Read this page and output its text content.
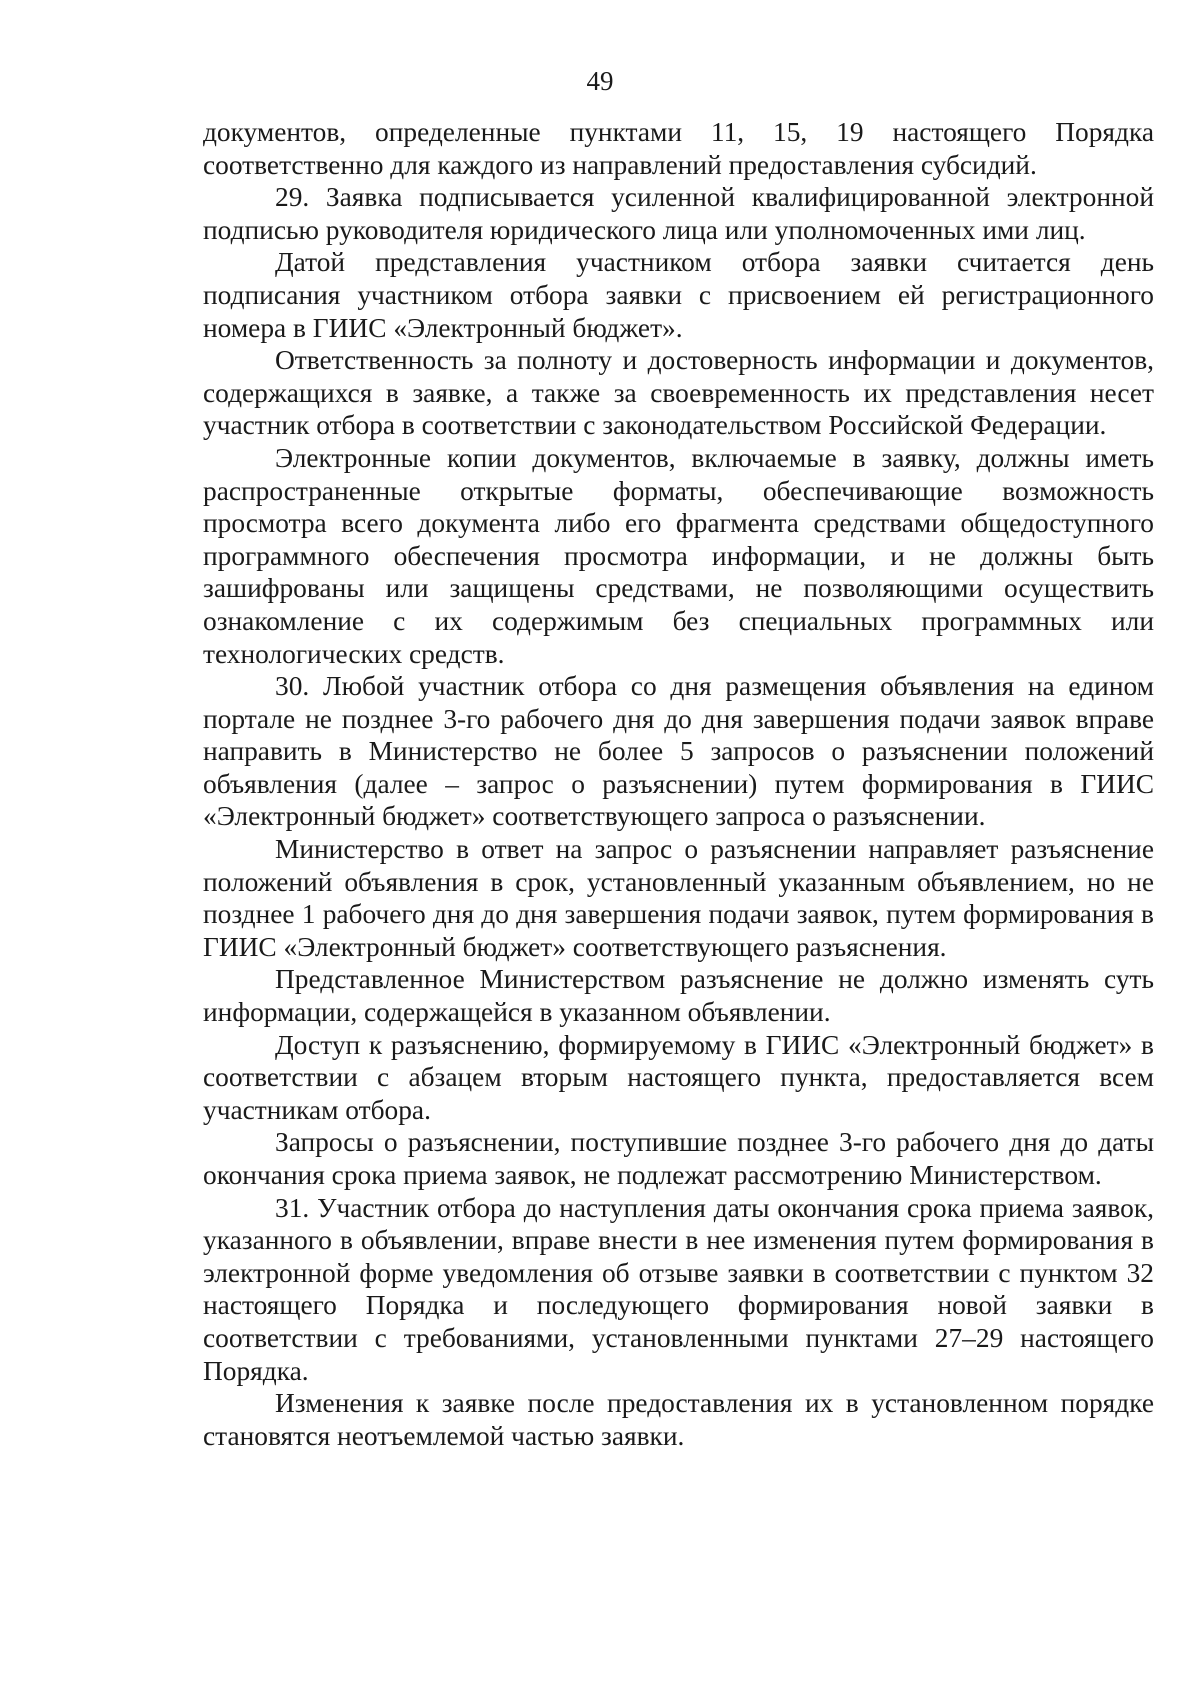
49

документов, определенные пунктами 11, 15, 19 настоящего Порядка соответственно для каждого из направлений предоставления субсидий.

29. Заявка подписывается усиленной квалифицированной электронной подписью руководителя юридического лица или уполномоченных ими лиц.

Датой представления участником отбора заявки считается день подписания участником отбора заявки с присвоением ей регистрационного номера в ГИИС «Электронный бюджет».

Ответственность за полноту и достоверность информации и документов, содержащихся в заявке, а также за своевременность их представления несет участник отбора в соответствии с законодательством Российской Федерации.

Электронные копии документов, включаемые в заявку, должны иметь распространенные открытые форматы, обеспечивающие возможность просмотра всего документа либо его фрагмента средствами общедоступного программного обеспечения просмотра информации, и не должны быть зашифрованы или защищены средствами, не позволяющими осуществить ознакомление с их содержимым без специальных программных или технологических средств.

30. Любой участник отбора со дня размещения объявления на едином портале не позднее 3-го рабочего дня до дня завершения подачи заявок вправе направить в Министерство не более 5 запросов о разъяснении положений объявления (далее – запрос о разъяснении) путем формирования в ГИИС «Электронный бюджет» соответствующего запроса о разъяснении.

Министерство в ответ на запрос о разъяснении направляет разъяснение положений объявления в срок, установленный указанным объявлением, но не позднее 1 рабочего дня до дня завершения подачи заявок, путем формирования в ГИИС «Электронный бюджет» соответствующего разъяснения.

Представленное Министерством разъяснение не должно изменять суть информации, содержащейся в указанном объявлении.

Доступ к разъяснению, формируемому в ГИИС «Электронный бюджет» в соответствии с абзацем вторым настоящего пункта, предоставляется всем участникам отбора.

Запросы о разъяснении, поступившие позднее 3-го рабочего дня до даты окончания срока приема заявок, не подлежат рассмотрению Министерством.

31. Участник отбора до наступления даты окончания срока приема заявок, указанного в объявлении, вправе внести в нее изменения путем формирования в электронной форме уведомления об отзыве заявки в соответствии с пунктом 32 настоящего Порядка и последующего формирования новой заявки в соответствии с требованиями, установленными пунктами 27–29 настоящего Порядка.

Изменения к заявке после предоставления их в установленном порядке становятся неотъемлемой частью заявки.
